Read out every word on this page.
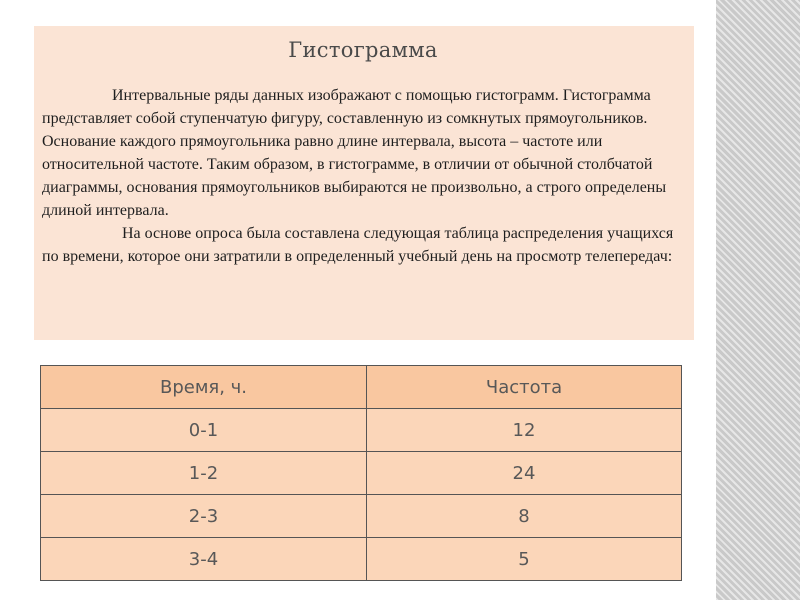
Гистограмма

Интервальные ряды данных изображают с помощью гистограмм. Гистограмма представляет собой ступенчатую фигуру, составленную из сомкнутых прямоугольников. Основание каждого прямоугольника равно длине интервала, высота – частоте или относительной частоте. Таким образом, в гистограмме, в отличии от обычной столбчатой диаграммы, основания прямоугольников выбираются не произвольно, а строго определены длиной интервала.

На основе опроса была составлена следующая таблица распределения учащихся по времени, которое они затратили в определенный учебный день на просмотр телепередач:

Время, ч.	Частота
0-1	12
1-2	24
2-3	8
3-4	5
